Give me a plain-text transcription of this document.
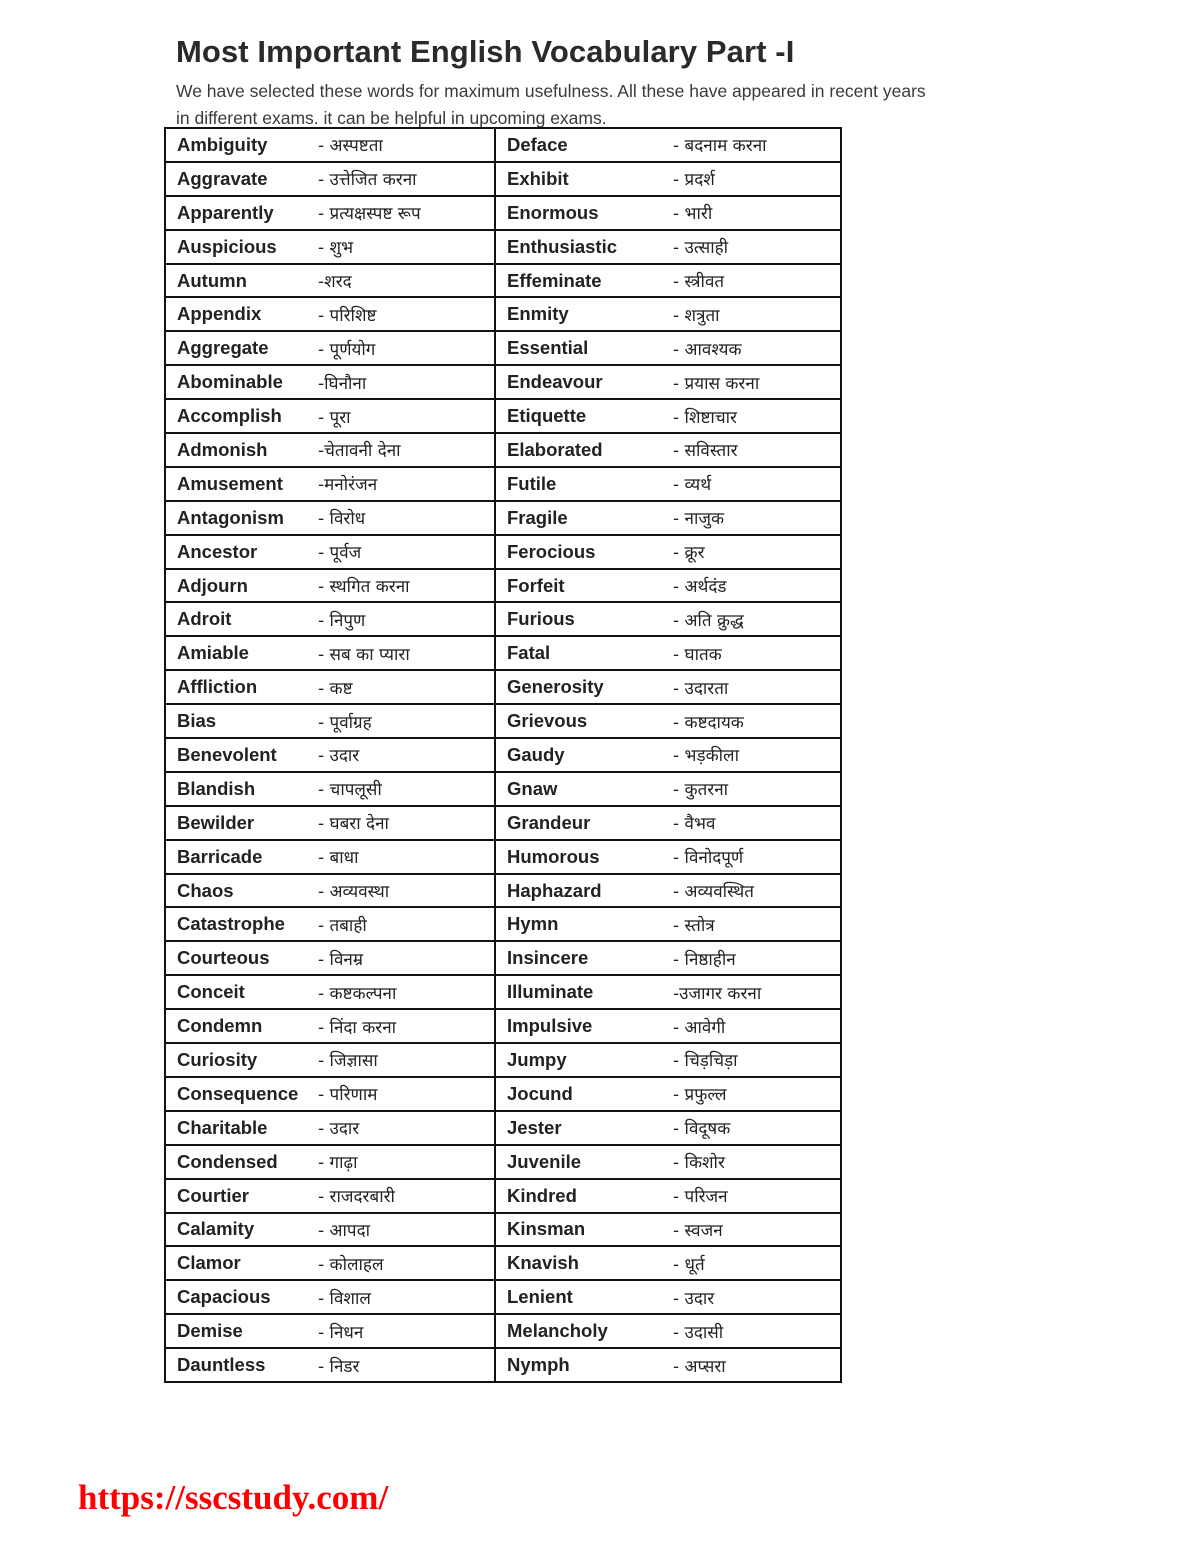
Most Important English Vocabulary Part -I
We have selected these words for maximum usefulness. All these have appeared in recent years
in different exams. it can be helpful in upcoming exams.
Ambiguity - अस्पष्टता	Deface - बदनाम करना

Aggravate - उत्तेजित करना	Exhibit - प्रदर्श

Apparently - प्रत्यक्षस्पष्ट रूप	Enormous - भारी

Auspicious - शुभ	Enthusiastic - उत्साही

Autumn -शरद	Effeminate - स्त्रीवत

Appendix - परिशिष्ट	Enmity - शत्रुता

Aggregate - पूर्णयोग	Essential - आवश्यक

Abominable -घिनौना	Endeavour - प्रयास करना

Accomplish - पूरा	Etiquette - शिष्टाचार

Admonish -चेतावनी देना	Elaborated - सविस्तार

Amusement -मनोरंजन	Futile - व्यर्थ

Antagonism - विरोध	Fragile - नाजुक

Ancestor - पूर्वज	Ferocious - क्रूर

Adjourn - स्थगित करना	Forfeit - अर्थदंड

Adroit - निपुण	Furious - अति क्रुद्ध

Amiable - सब का प्यारा	Fatal - घातक

Affliction - कष्ट	Generosity - उदारता

Bias - पूर्वाग्रह	Grievous - कष्टदायक

Benevolent - उदार	Gaudy - भड़कीला

Blandish - चापलूसी	Gnaw - कुतरना

Bewilder - घबरा देना	Grandeur - वैभव

Barricade - बाधा	Humorous - विनोदपूर्ण

Chaos - अव्यवस्था	Haphazard - अव्यवस्थित

Catastrophe - तबाही	Hymn - स्तोत्र

Courteous - विनम्र	Insincere - निष्ठाहीन

Conceit - कष्टकल्पना	Illuminate -उजागर करना

Condemn - निंदा करना	Impulsive - आवेगी

Curiosity - जिज्ञासा	Jumpy - चिड़चिड़ा

Consequence - परिणाम	Jocund - प्रफुल्ल

Charitable - उदार	Jester - विदूषक

Condensed - गाढ़ा	Juvenile - किशोर

Courtier - राजदरबारी	Kindred - परिजन

Calamity - आपदा	Kinsman - स्वजन

Clamor - कोलाहल	Knavish - धूर्त

Capacious - विशाल	Lenient - उदार

Demise - निधन	Melancholy - उदासी

Dauntless - निडर	Nymph - अप्सरा
https://sscstudy.com/
